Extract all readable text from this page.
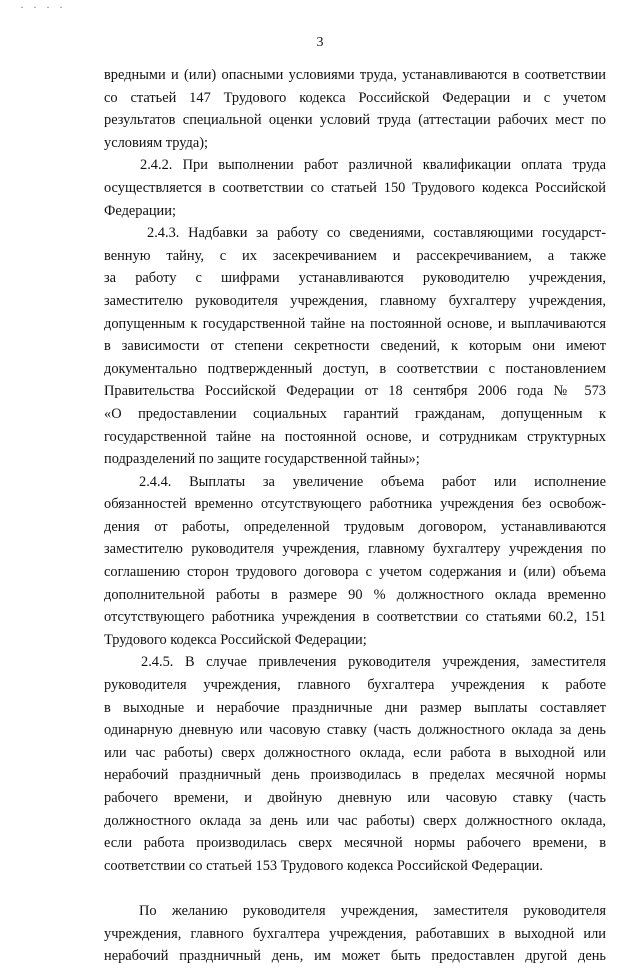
· · · ·
3
вредными и (или) опасными условиями труда, устанавливаются в соответствии
со статьей 147 Трудового кодекса Российской Федерации и с учетом
результатов специальной оценки условий труда (аттестации рабочих мест по
условиям труда);
2.4.2. При выполнении работ различной квалификации оплата труда
осуществляется в соответствии со статьей 150 Трудового кодекса Российской
Федерации;
2.4.3. Надбавки за работу со сведениями, составляющими государст-
венную тайну, с их засекречиванием и рассекречиванием, а также
за работу с шифрами устанавливаются руководителю учреждения,
заместителю руководителя учреждения, главному бухгалтеру учреждения,
допущенным к государственной тайне на постоянной основе, и выплачиваются
в зависимости от степени секретности сведений, к которым они имеют
документально подтвержденный доступ, в соответствии с постановлением
Правительства Российской Федерации от 18 сентября 2006 года № 573
«О предоставлении социальных гарантий гражданам, допущенным к
государственной тайне на постоянной основе, и сотрудникам структурных
подразделений по защите государственной тайны»;
2.4.4. Выплаты за увеличение объема работ или исполнение
обязанностей временно отсутствующего работника учреждения без освобож-
дения от работы, определенной трудовым договором, устанавливаются
заместителю руководителя учреждения, главному бухгалтеру учреждения по
соглашению сторон трудового договора с учетом содержания и (или) объема
дополнительной работы в размере 90 % должностного оклада временно
отсутствующего работника учреждения в соответствии со статьями 60.2, 151
Трудового кодекса Российской Федерации;
2.4.5. В случае привлечения руководителя учреждения, заместителя
руководителя учреждения, главного бухгалтера учреждения к работе
в выходные и нерабочие праздничные дни размер выплаты составляет
одинарную дневную или часовую ставку (часть должностного оклада за день
или час работы) сверх должностного оклада, если работа в выходной или
нерабочий праздничный день производилась в пределах месячной нормы
рабочего времени, и двойную дневную или часовую ставку (часть
должностного оклада за день или час работы) сверх должностного оклада,
если работа производилась сверх месячной нормы рабочего времени, в
соответствии со статьей 153 Трудового кодекса Российской Федерации.
По желанию руководителя учреждения, заместителя руководителя
учреждения, главного бухгалтера учреждения, работавших в выходной или
нерабочий праздничный день, им может быть предоставлен другой день
